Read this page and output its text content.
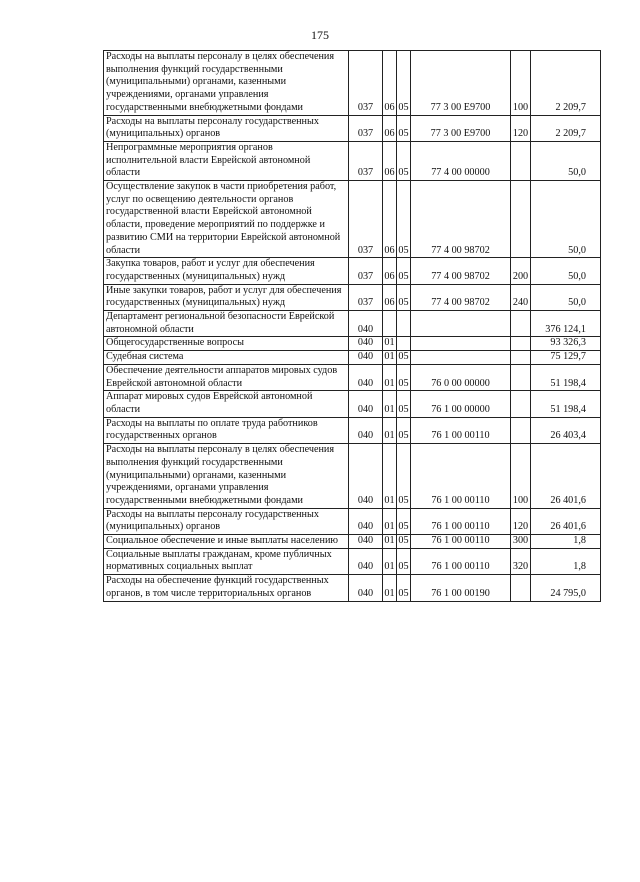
175
Расходы на выплаты персоналу в целях обеспечения выполнения функций государственными (муниципальными) органами, казенными учреждениями, органами управления государственными внебюджетными фондами	037	06	05	77 3 00 Е9700	100	2 209,7
Расходы на выплаты персоналу государственных (муниципальных) органов	037	06	05	77 3 00 Е9700	120	2 209,7
Непрограммные мероприятия органов исполнительной власти Еврейской автономной области	037	06	05	77 4 00 00000		50,0
Осуществление закупок в части приобретения работ, услуг по освещению деятельности органов государственной власти Еврейской автономной области, проведение мероприятий по поддержке и развитию СМИ на территории Еврейской автономной области	037	06	05	77 4 00 98702		50,0
Закупка товаров, работ и услуг для обеспечения государственных (муниципальных) нужд	037	06	05	77 4 00 98702	200	50,0
Иные закупки товаров, работ и услуг для обеспечения государственных (муниципальных) нужд	037	06	05	77 4 00 98702	240	50,0
Департамент региональной безопасности Еврейской автономной области	040					376 124,1
Общегосударственные вопросы	040	01				93 326,3
Судебная система	040	01	05			75 129,7
Обеспечение деятельности аппаратов мировых судов Еврейской автономной области	040	01	05	76 0 00 00000		51 198,4
Аппарат мировых судов Еврейской автономной области	040	01	05	76 1 00 00000		51 198,4
Расходы на выплаты по оплате труда работников государственных органов	040	01	05	76 1 00 00110		26 403,4
Расходы на выплаты персоналу в целях обеспечения выполнения функций государственными (муниципальными) органами, казенными учреждениями, органами управления государственными внебюджетными фондами	040	01	05	76 1 00 00110	100	26 401,6
Расходы на выплаты персоналу государственных (муниципальных) органов	040	01	05	76 1 00 00110	120	26 401,6
Социальное обеспечение и иные выплаты населению	040	01	05	76 1 00 00110	300	1,8
Социальные выплаты гражданам, кроме публичных нормативных социальных выплат	040	01	05	76 1 00 00110	320	1,8
Расходы на обеспечение функций государственных органов, в том числе территориальных органов	040	01	05	76 1 00 00190		24 795,0
